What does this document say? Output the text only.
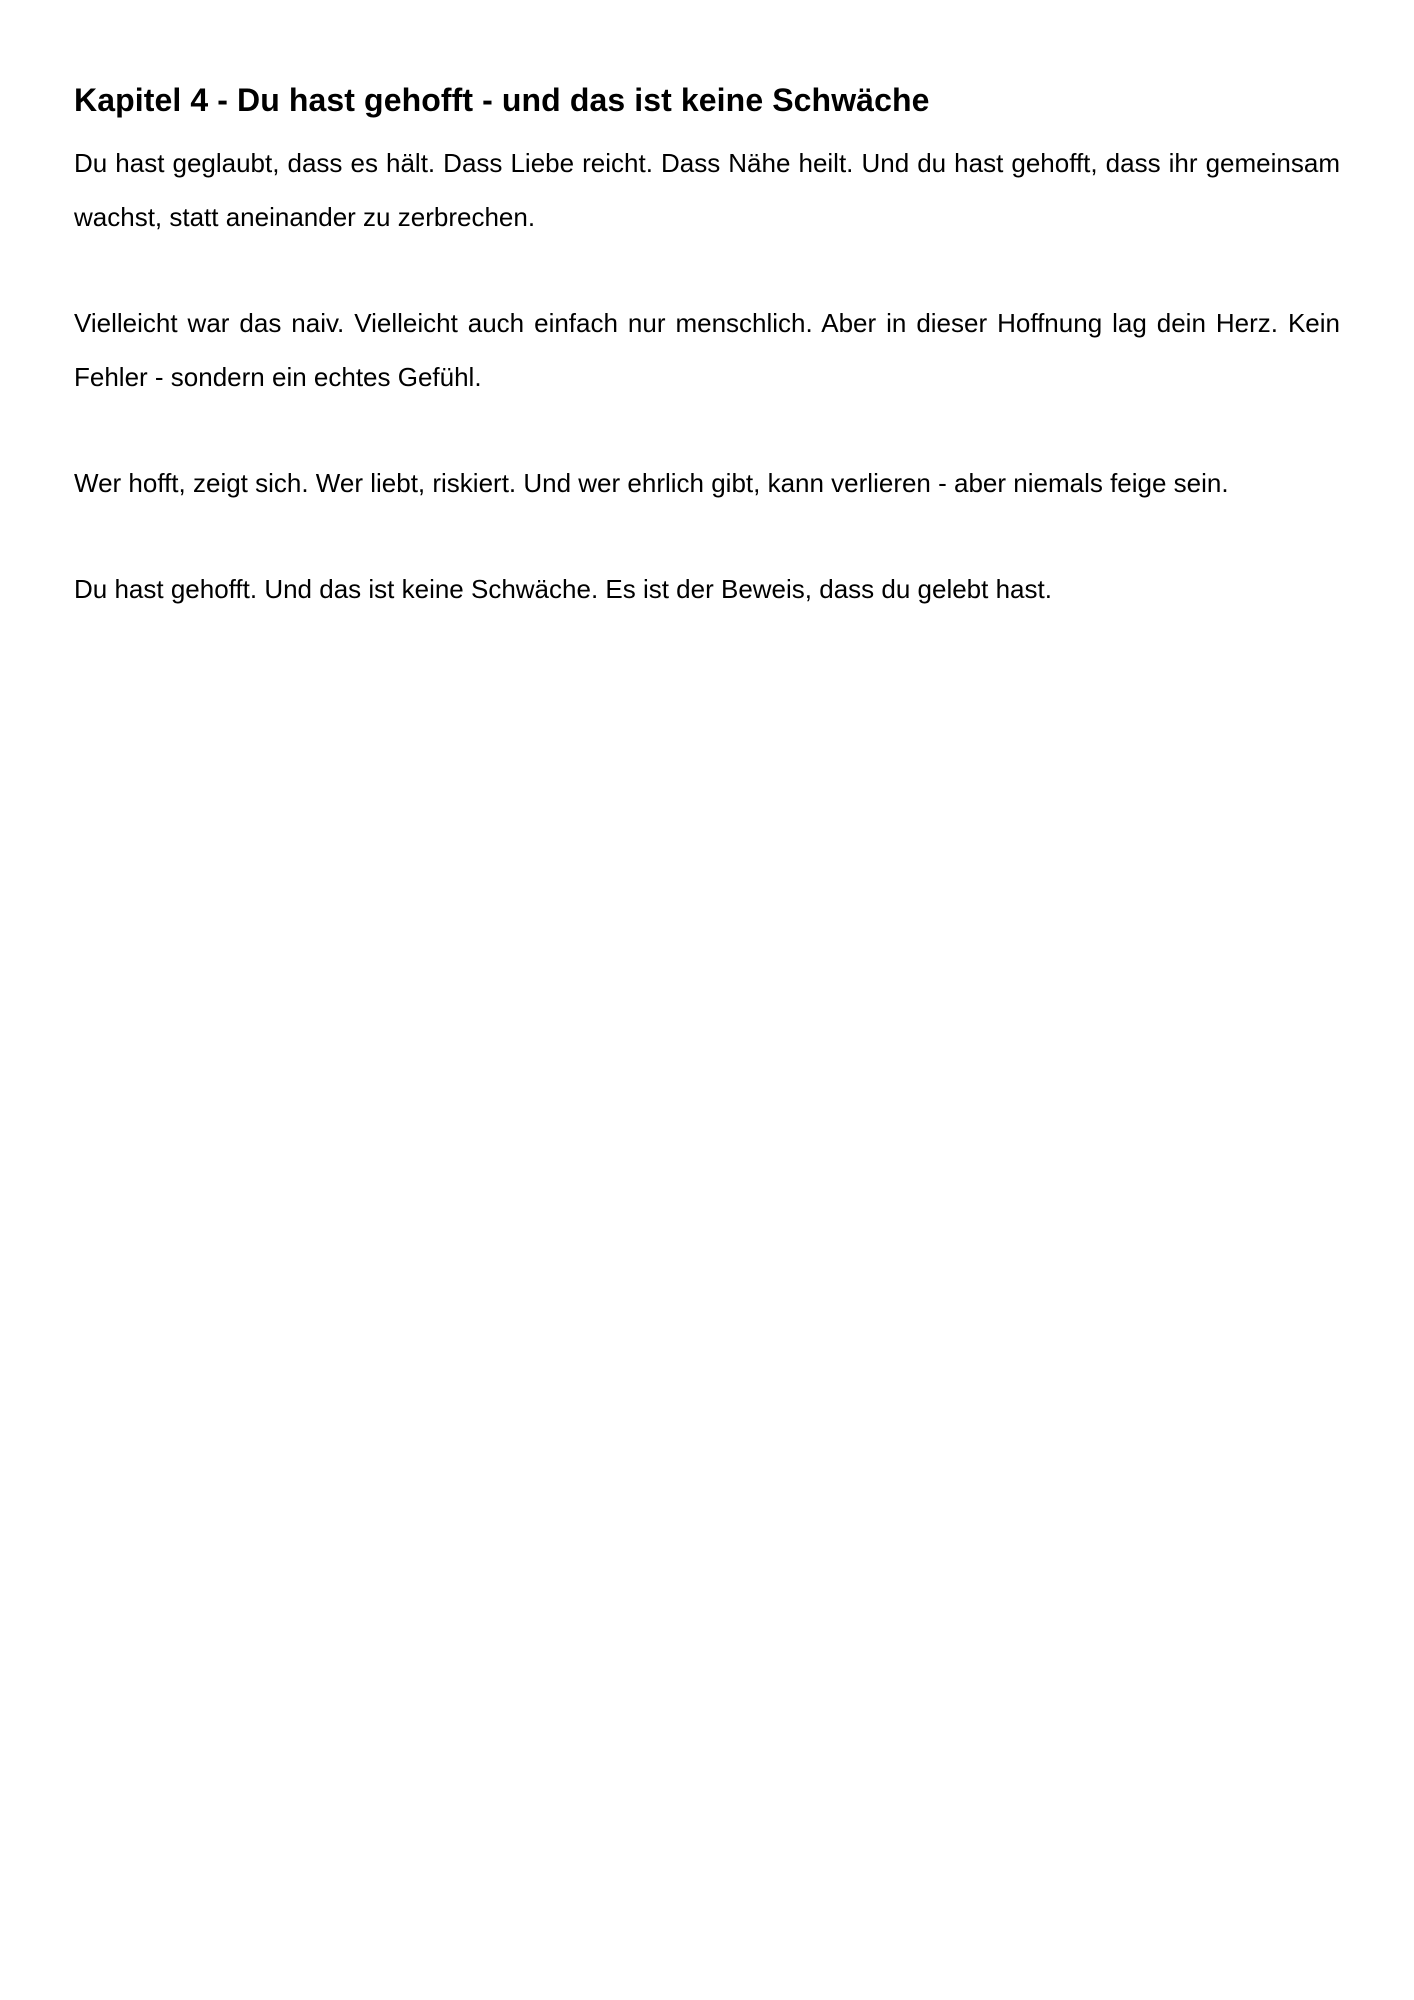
Kapitel 4 - Du hast gehofft - und das ist keine Schwäche

Du hast geglaubt, dass es hält. Dass Liebe reicht. Dass Nähe heilt. Und du hast gehofft, dass ihr gemeinsam wachst, statt aneinander zu zerbrechen.

Vielleicht war das naiv. Vielleicht auch einfach nur menschlich. Aber in dieser Hoffnung lag dein Herz. Kein Fehler - sondern ein echtes Gefühl.

Wer hofft, zeigt sich. Wer liebt, riskiert. Und wer ehrlich gibt, kann verlieren - aber niemals feige sein.

Du hast gehofft. Und das ist keine Schwäche. Es ist der Beweis, dass du gelebt hast.
